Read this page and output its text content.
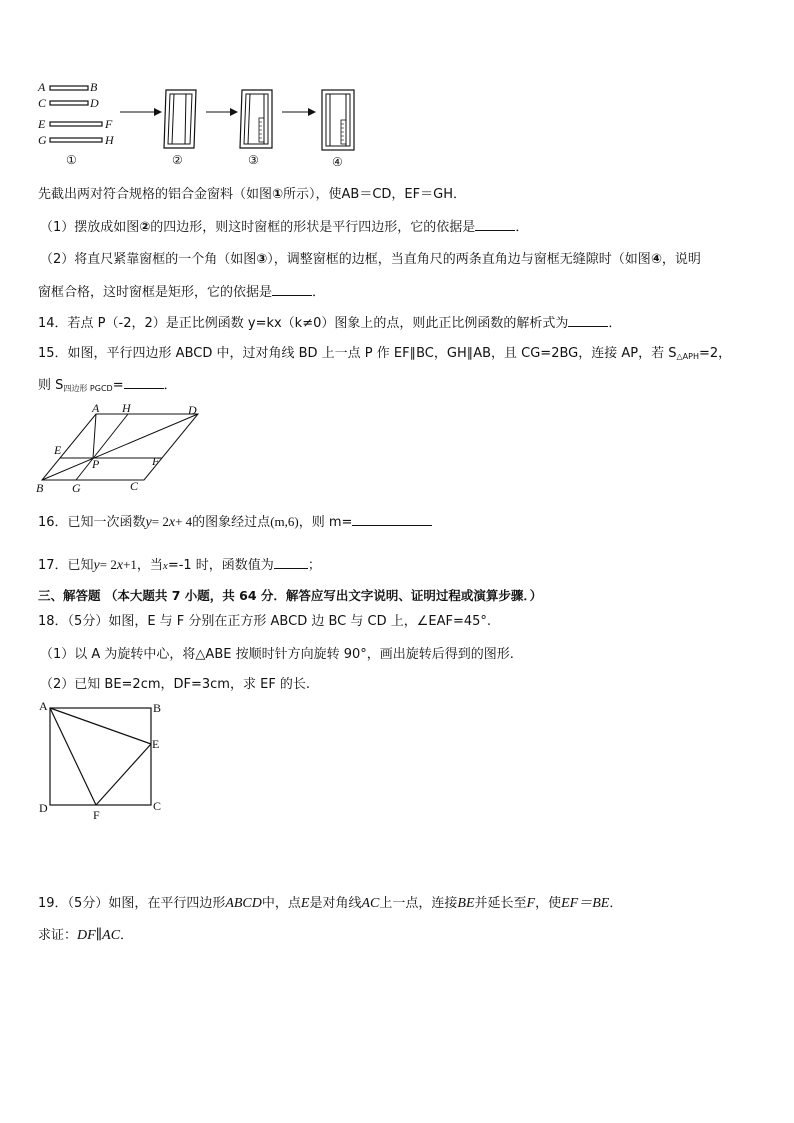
A	B
C	D
E	F
G	H
①	②	③	④
先截出两对符合规格的铝合金窗料（如图①所示），使AB＝CD，EF＝GH．
（1）摆放成如图②的四边形，则这时窗框的形状是平行四边形，它的依据是	．
（2）将直尺紧靠窗框的一个角（如图③），调整窗框的边框，当直角尺的两条直角边与窗框无缝隙时（如图④，说明
窗框合格，这时窗框是矩形，它的依据是	．
14．若点 P（-2，2）是正比例函数 y=kx（k≠0）图象上的点，则此正比例函数的解析式为	．
15．如图，平行四边形 ABCD 中，过对角线 BD 上一点 P 作 EF∥BC，GH∥AB，且 CG=2BG，连接 AP，若 $S_{\triangle APH}=2$，
则 $S_{四边形 PGCD}=$	．
A H	D
E
P	F
B G	C
16．已知一次函数y= 2x+ 4的图象经过点(m,6)，则 m=
17．已知y= 2x+1，当x=-1 时，函数值为	；
三、解答题 （本大题共 7 小题，共 64 分．解答应写出文字说明、证明过程或演算步骤．）
18．（5分）如图，E 与 F 分别在正方形 ABCD 边 BC 与 CD 上，∠EAF=45°.
（1）以 A 为旋转中心，将△ABE 按顺时针方向旋转 90°，画出旋转后得到的图形.
（2）已知 BE=2cm，DF=3cm，求 EF 的长.
A	B
E
D	F
C
19．（5分）如图，在平行四边形ABCD中，点E是对角线AC上一点，连接BE并延长至F，使EF＝BE．
求证：DF∥AC．
